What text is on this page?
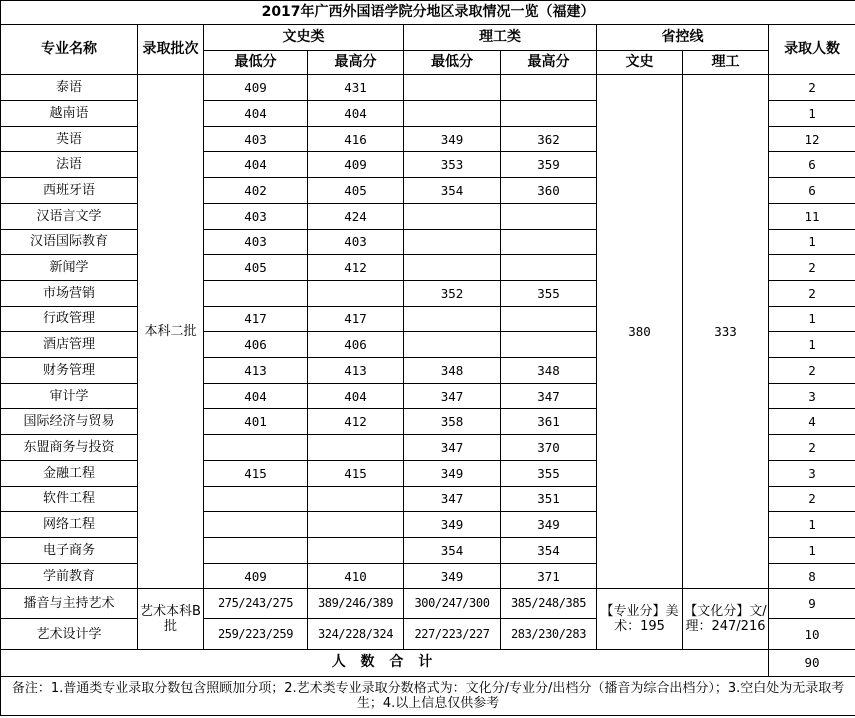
2017年广西外国语学院分地区录取情况一览（福建）								
专业名称	录取批次	文史类		理工类		省控线		录取人数
		最低分	最高分	最低分	最高分	文史	理工	
泰语	本科二批	409	431			380	333	2
越南语		404	404					1
英语		403	416	349	362			12
法语		404	409	353	359			6
西班牙语		402	405	354	360			6
汉语言文学		403	424					11
汉语国际教育		403	403					1
新闻学		405	412					2
市场营销				352	355			2
行政管理		417	417					1
酒店管理		406	406					1
财务管理		413	413	348	348			2
审计学		404	404	347	347			3
国际经济与贸易		401	412	358	361			4
东盟商务与投资				347	370			2
金融工程		415	415	349	355			3
软件工程				347	351			2
网络工程				349	349			1
电子商务				354	354			1
学前教育		409	410	349	371			8
播音与主持艺术	艺术本科B批	275/243/275	389/246/389	300/247/300	385/248/385	【专业分】美术：195	【文化分】文/理：247/216	9
艺术设计学		259/223/259	324/228/324	227/223/227	283/230/283			10
人 数 合 计								90
备注：1.普通类专业录取分数包含照顾加分项；2.艺术类专业录取分数格式为：文化分/专业分/出档分（播音为综合出档分）；3.空白处为无录取考生；4.以上信息仅供参考								
